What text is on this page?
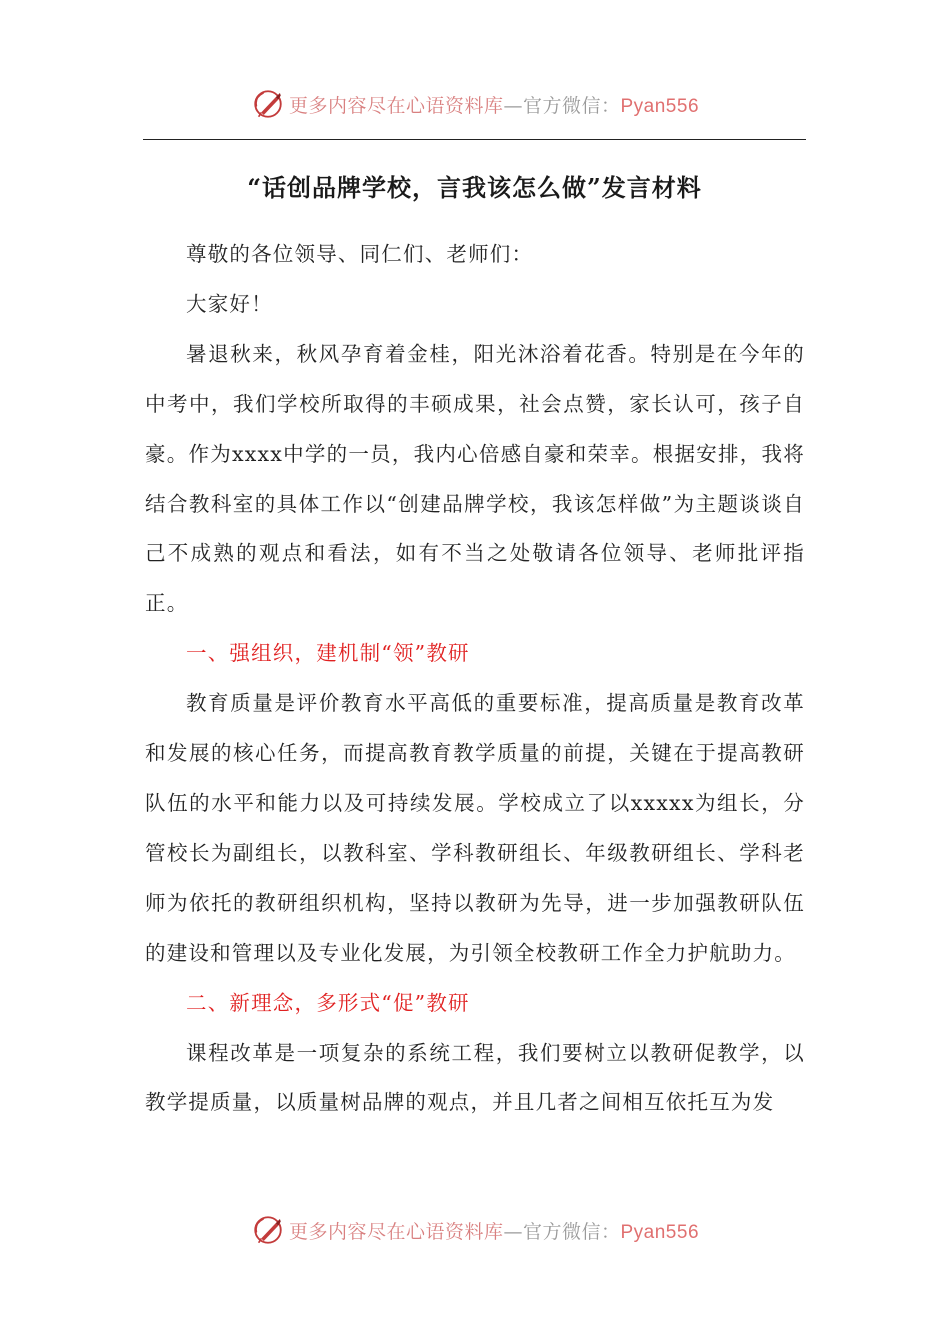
更多内容尽在心语资料库—官方微信：Pyan556
“话创品牌学校，言我该怎么做”发言材料

尊敬的各位领导、同仁们、老师们：

大家好！

暑退秋来，秋风孕育着金桂，阳光沐浴着花香。特别是在今年的中考中，我们学校所取得的丰硕成果，社会点赞，家长认可，孩子自豪。作为xxxx中学的一员，我内心倍感自豪和荣幸。根据安排，我将结合教科室的具体工作以“创建品牌学校，我该怎样做”为主题谈谈自己不成熟的观点和看法，如有不当之处敬请各位领导、老师批评指正。

一、强组织，建机制“领”教研

教育质量是评价教育水平高低的重要标准，提高质量是教育改革和发展的核心任务，而提高教育教学质量的前提，关键在于提高教研队伍的水平和能力以及可持续发展。学校成立了以xxxxx为组长，分管校长为副组长，以教科室、学科教研组长、年级教研组长、学科老师为依托的教研组织机构，坚持以教研为先导，进一步加强教研队伍的建设和管理以及专业化发展，为引领全校教研工作全力护航助力。

二、新理念，多形式“促”教研

课程改革是一项复杂的系统工程，我们要树立以教研促教学，以教学提质量，以质量树品牌的观点，并且几者之间相互依托互为发

更多内容尽在心语资料库—官方微信：Pyan556
